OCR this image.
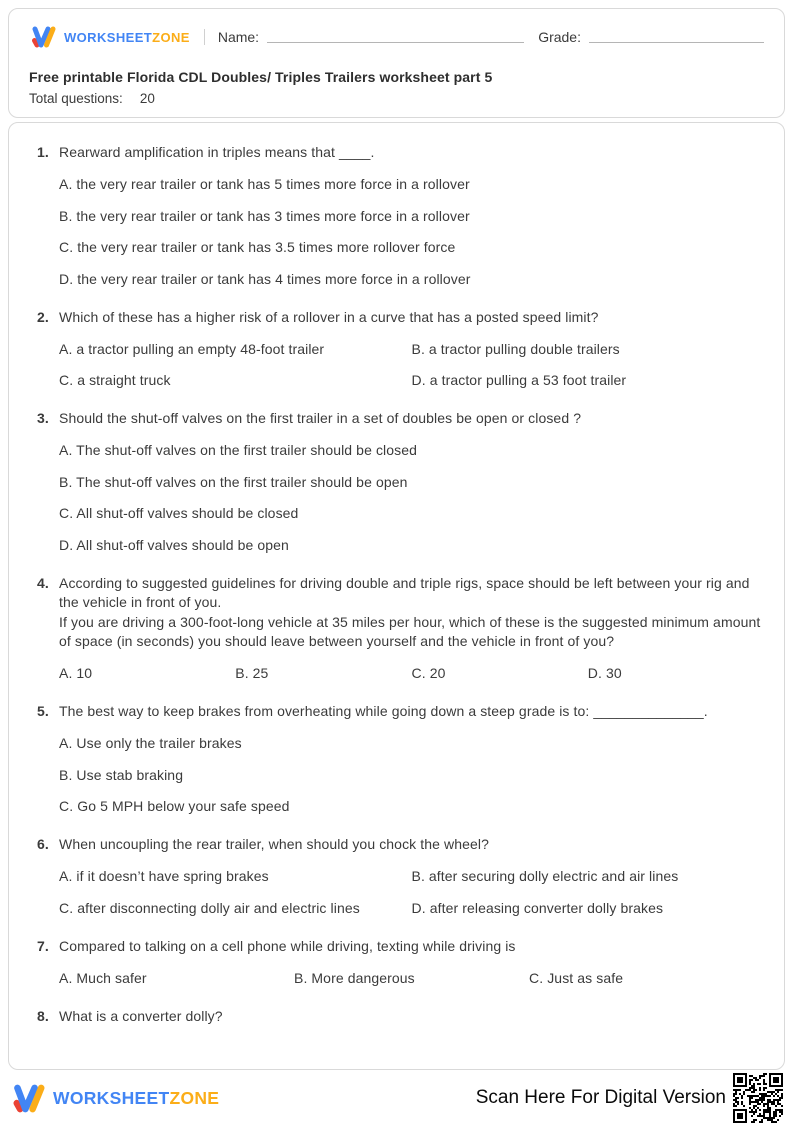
WORKSHEETZONE Name:	Grade:
Free printable Florida CDL Doubles/ Triples Trailers worksheet part 5
Total questions: 20
1. Rearward amplification in triples means that ____.
A. the very rear trailer or tank has 5 times more force in a rollover
B. the very rear trailer or tank has 3 times more force in a rollover
C. the very rear trailer or tank has 3.5 times more rollover force
D. the very rear trailer or tank has 4 times more force in a rollover
2. Which of these has a higher risk of a rollover in a curve that has a posted speed limit?
A. a tractor pulling an empty 48-foot trailer	B. a tractor pulling double trailers
C. a straight truck	D. a tractor pulling a 53 foot trailer
3. Should the shut-off valves on the first trailer in a set of doubles be open or closed ?
A. The shut-off valves on the first trailer should be closed
B. The shut-off valves on the first trailer should be open
C. All shut-off valves should be closed
D. All shut-off valves should be open
4. According to suggested guidelines for driving double and triple rigs, space should be left between your rig and the vehicle in front of you.
If you are driving a 300-foot-long vehicle at 35 miles per hour, which of these is the suggested minimum amount of space (in seconds) you should leave between yourself and the vehicle in front of you?
A. 10	B. 25	C. 20	D. 30
5. The best way to keep brakes from overheating while going down a steep grade is to: ______________.
A. Use only the trailer brakes
B. Use stab braking
C. Go 5 MPH below your safe speed
6. When uncoupling the rear trailer, when should you chock the wheel?
A. if it doesn’t have spring brakes	B. after securing dolly electric and air lines
C. after disconnecting dolly air and electric lines	D. after releasing converter dolly brakes
7. Compared to talking on a cell phone while driving, texting while driving is
A. Much safer	B. More dangerous	C. Just as safe
8. What is a converter dolly?
WORKSHEETZONE	Scan Here For Digital Version
